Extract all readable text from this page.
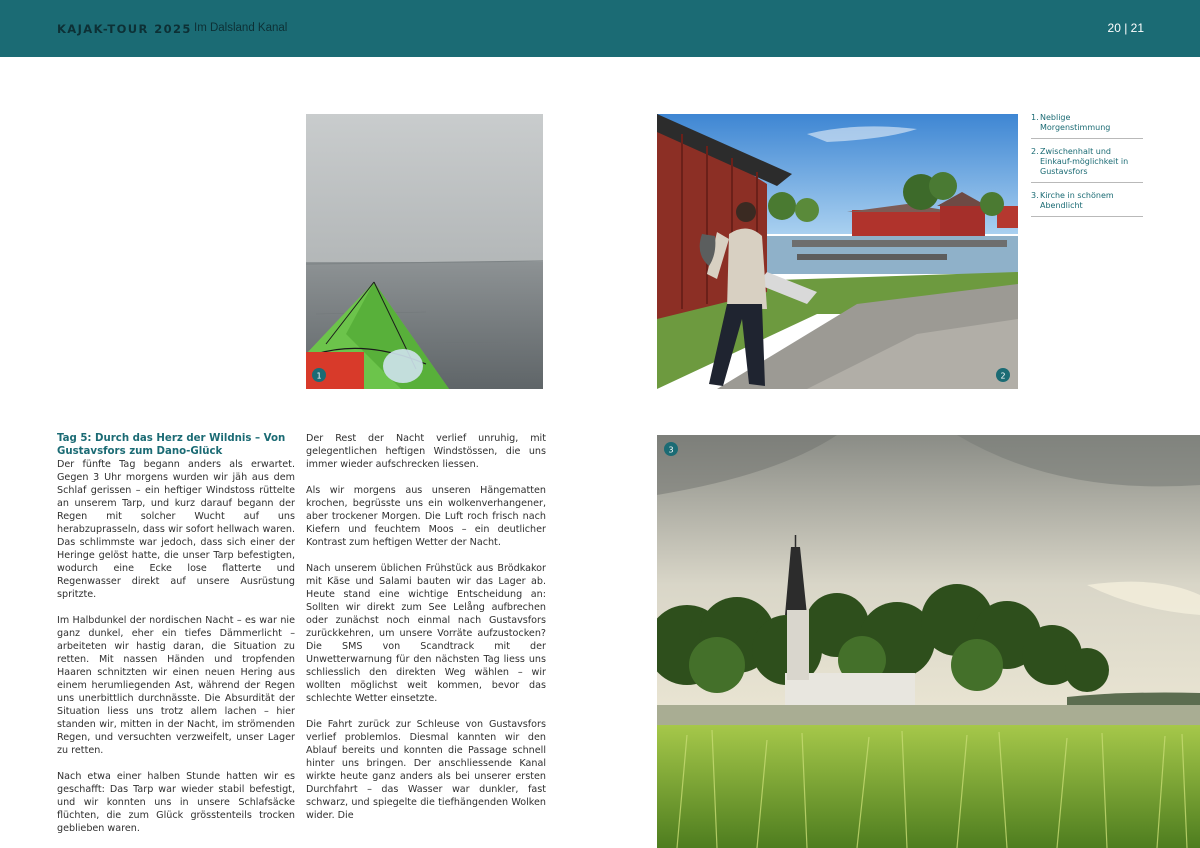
KAJAK-TOUR 2025 Im Dalsland Kanal	20 | 21
1	2
1. Neblige Morgenstimmung
2. Zwischenhalt und Einkauf-möglichkeit in Gustavsfors
3. Kirche in schönem Abendlicht
3

Tag 5: Durch das Herz der Wildnis – Von Gustavsfors zum Dano-Glück

Der fünfte Tag begann anders als erwartet. Gegen 3 Uhr morgens wurden wir jäh aus dem Schlaf gerissen – ein heftiger Windstoss rüttelte an unserem Tarp, und kurz darauf begann der Regen mit solcher Wucht auf uns herabzuprasseln, dass wir sofort hellwach waren. Das schlimmste war jedoch, dass sich einer der Heringe gelöst hatte, die unser Tarp befestigten, wodurch eine Ecke lose flatterte und Regenwasser direkt auf unsere Ausrüstung spritzte.

Im Halbdunkel der nordischen Nacht – es war nie ganz dunkel, eher ein tiefes Dämmerlicht – arbeiteten wir hastig daran, die Situation zu retten. Mit nassen Händen und tropfenden Haaren schnitzten wir einen neuen Hering aus einem herumliegenden Ast, während der Regen uns unerbittlich durchnässte. Die Absurdität der Situation liess uns trotz allem lachen – hier standen wir, mitten in der Nacht, im strömenden Regen, und versuchten verzweifelt, unser Lager zu retten.

Nach etwa einer halben Stunde hatten wir es geschafft: Das Tarp war wieder stabil befestigt, und wir konnten uns in unsere Schlafsäcke flüchten, die zum Glück grösstenteils trocken geblieben waren.

Der Rest der Nacht verlief unruhig, mit gelegentlichen heftigen Windstössen, die uns immer wieder aufschrecken liessen.

Als wir morgens aus unseren Hängematten krochen, begrüsste uns ein wolkenverhangener, aber trockener Morgen. Die Luft roch frisch nach Kiefern und feuchtem Moos – ein deutlicher Kontrast zum heftigen Wetter der Nacht.

Nach unserem üblichen Frühstück aus Brödkakor mit Käse und Salami bauten wir das Lager ab. Heute stand eine wichtige Entscheidung an: Sollten wir direkt zum See Lelång aufbrechen oder zunächst noch einmal nach Gustavsfors zurückkehren, um unsere Vorräte aufzustocken? Die SMS von Scandtrack mit der Unwetterwarnung für den nächsten Tag liess uns schliesslich den direkten Weg wählen – wir wollten möglichst weit kommen, bevor das schlechte Wetter einsetzte.

Die Fahrt zurück zur Schleuse von Gustavsfors verlief problemlos. Diesmal kannten wir den Ablauf bereits und konnten die Passage schnell hinter uns bringen. Der anschliessende Kanal wirkte heute ganz anders als bei unserer ersten Durchfahrt – das Wasser war dunkler, fast schwarz, und spiegelte die tiefhängenden Wolken wider. Die
